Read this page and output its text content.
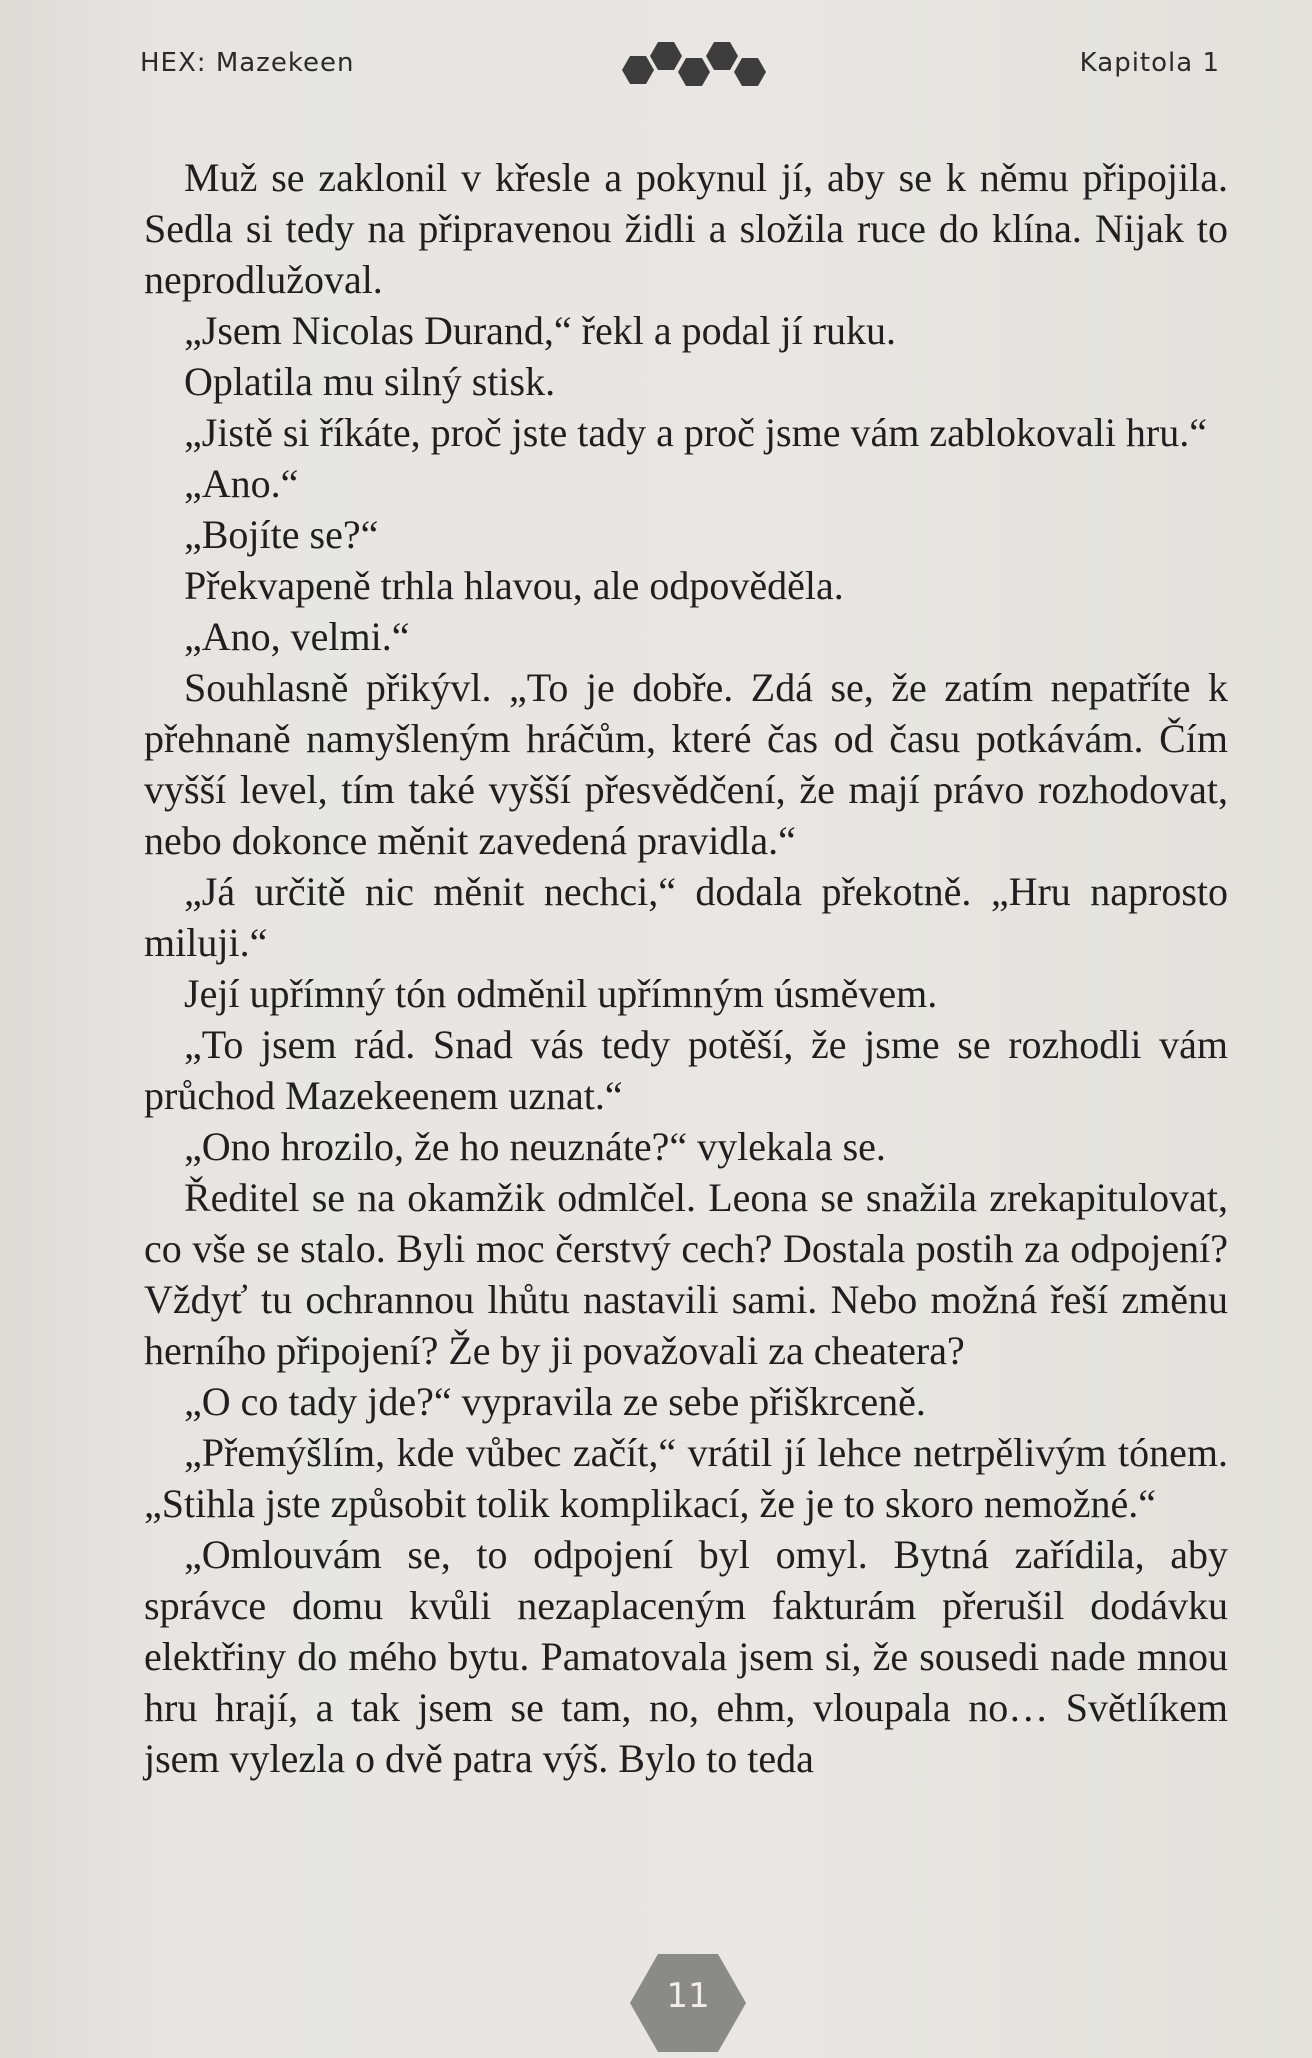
HEX: Mazekeen	Kapitola 1

Muž se zaklonil v křesle a pokynul jí, aby se k němu připojila. Sedla si tedy na připravenou židli a složila ruce do klína. Nijak to neprodlužoval.

„Jsem Nicolas Durand,“ řekl a podal jí ruku.

Oplatila mu silný stisk.

„Jistě si říkáte, proč jste tady a proč jsme vám zablokovali hru.“

„Ano.“

„Bojíte se?“

Překvapeně trhla hlavou, ale odpověděla.

„Ano, velmi.“

Souhlasně přikývl. „To je dobře. Zdá se, že zatím nepatříte k přehnaně namyšleným hráčům, které čas od času potkávám. Čím vyšší level, tím také vyšší přesvědčení, že mají právo rozhodovat, nebo dokonce měnit zavedená pravidla.“

„Já určitě nic měnit nechci,“ dodala překotně. „Hru naprosto miluji.“

Její upřímný tón odměnil upřímným úsměvem.

„To jsem rád. Snad vás tedy potěší, že jsme se rozhodli vám průchod Mazekeenem uznat.“

„Ono hrozilo, že ho neuznáte?“ vylekala se.

Ředitel se na okamžik odmlčel. Leona se snažila zrekapitulovat, co vše se stalo. Byli moc čerstvý cech? Dostala postih za odpojení? Vždyť tu ochrannou lhůtu nastavili sami. Nebo možná řeší změnu herního připojení? Že by ji považovali za cheatera?

„O co tady jde?“ vypravila ze sebe přiškrceně.

„Přemýšlím, kde vůbec začít,“ vrátil jí lehce netrpělivým tónem. „Stihla jste způsobit tolik komplikací, že je to skoro nemožné.“

„Omlouvám se, to odpojení byl omyl. Bytná zařídila, aby správce domu kvůli nezaplaceným fakturám přerušil dodávku elektřiny do mého bytu. Pamatovala jsem si, že sousedi nade mnou hru hrají, a tak jsem se tam, no, ehm, vloupala no… Světlíkem jsem vylezla o dvě patra výš. Bylo to teda

11
